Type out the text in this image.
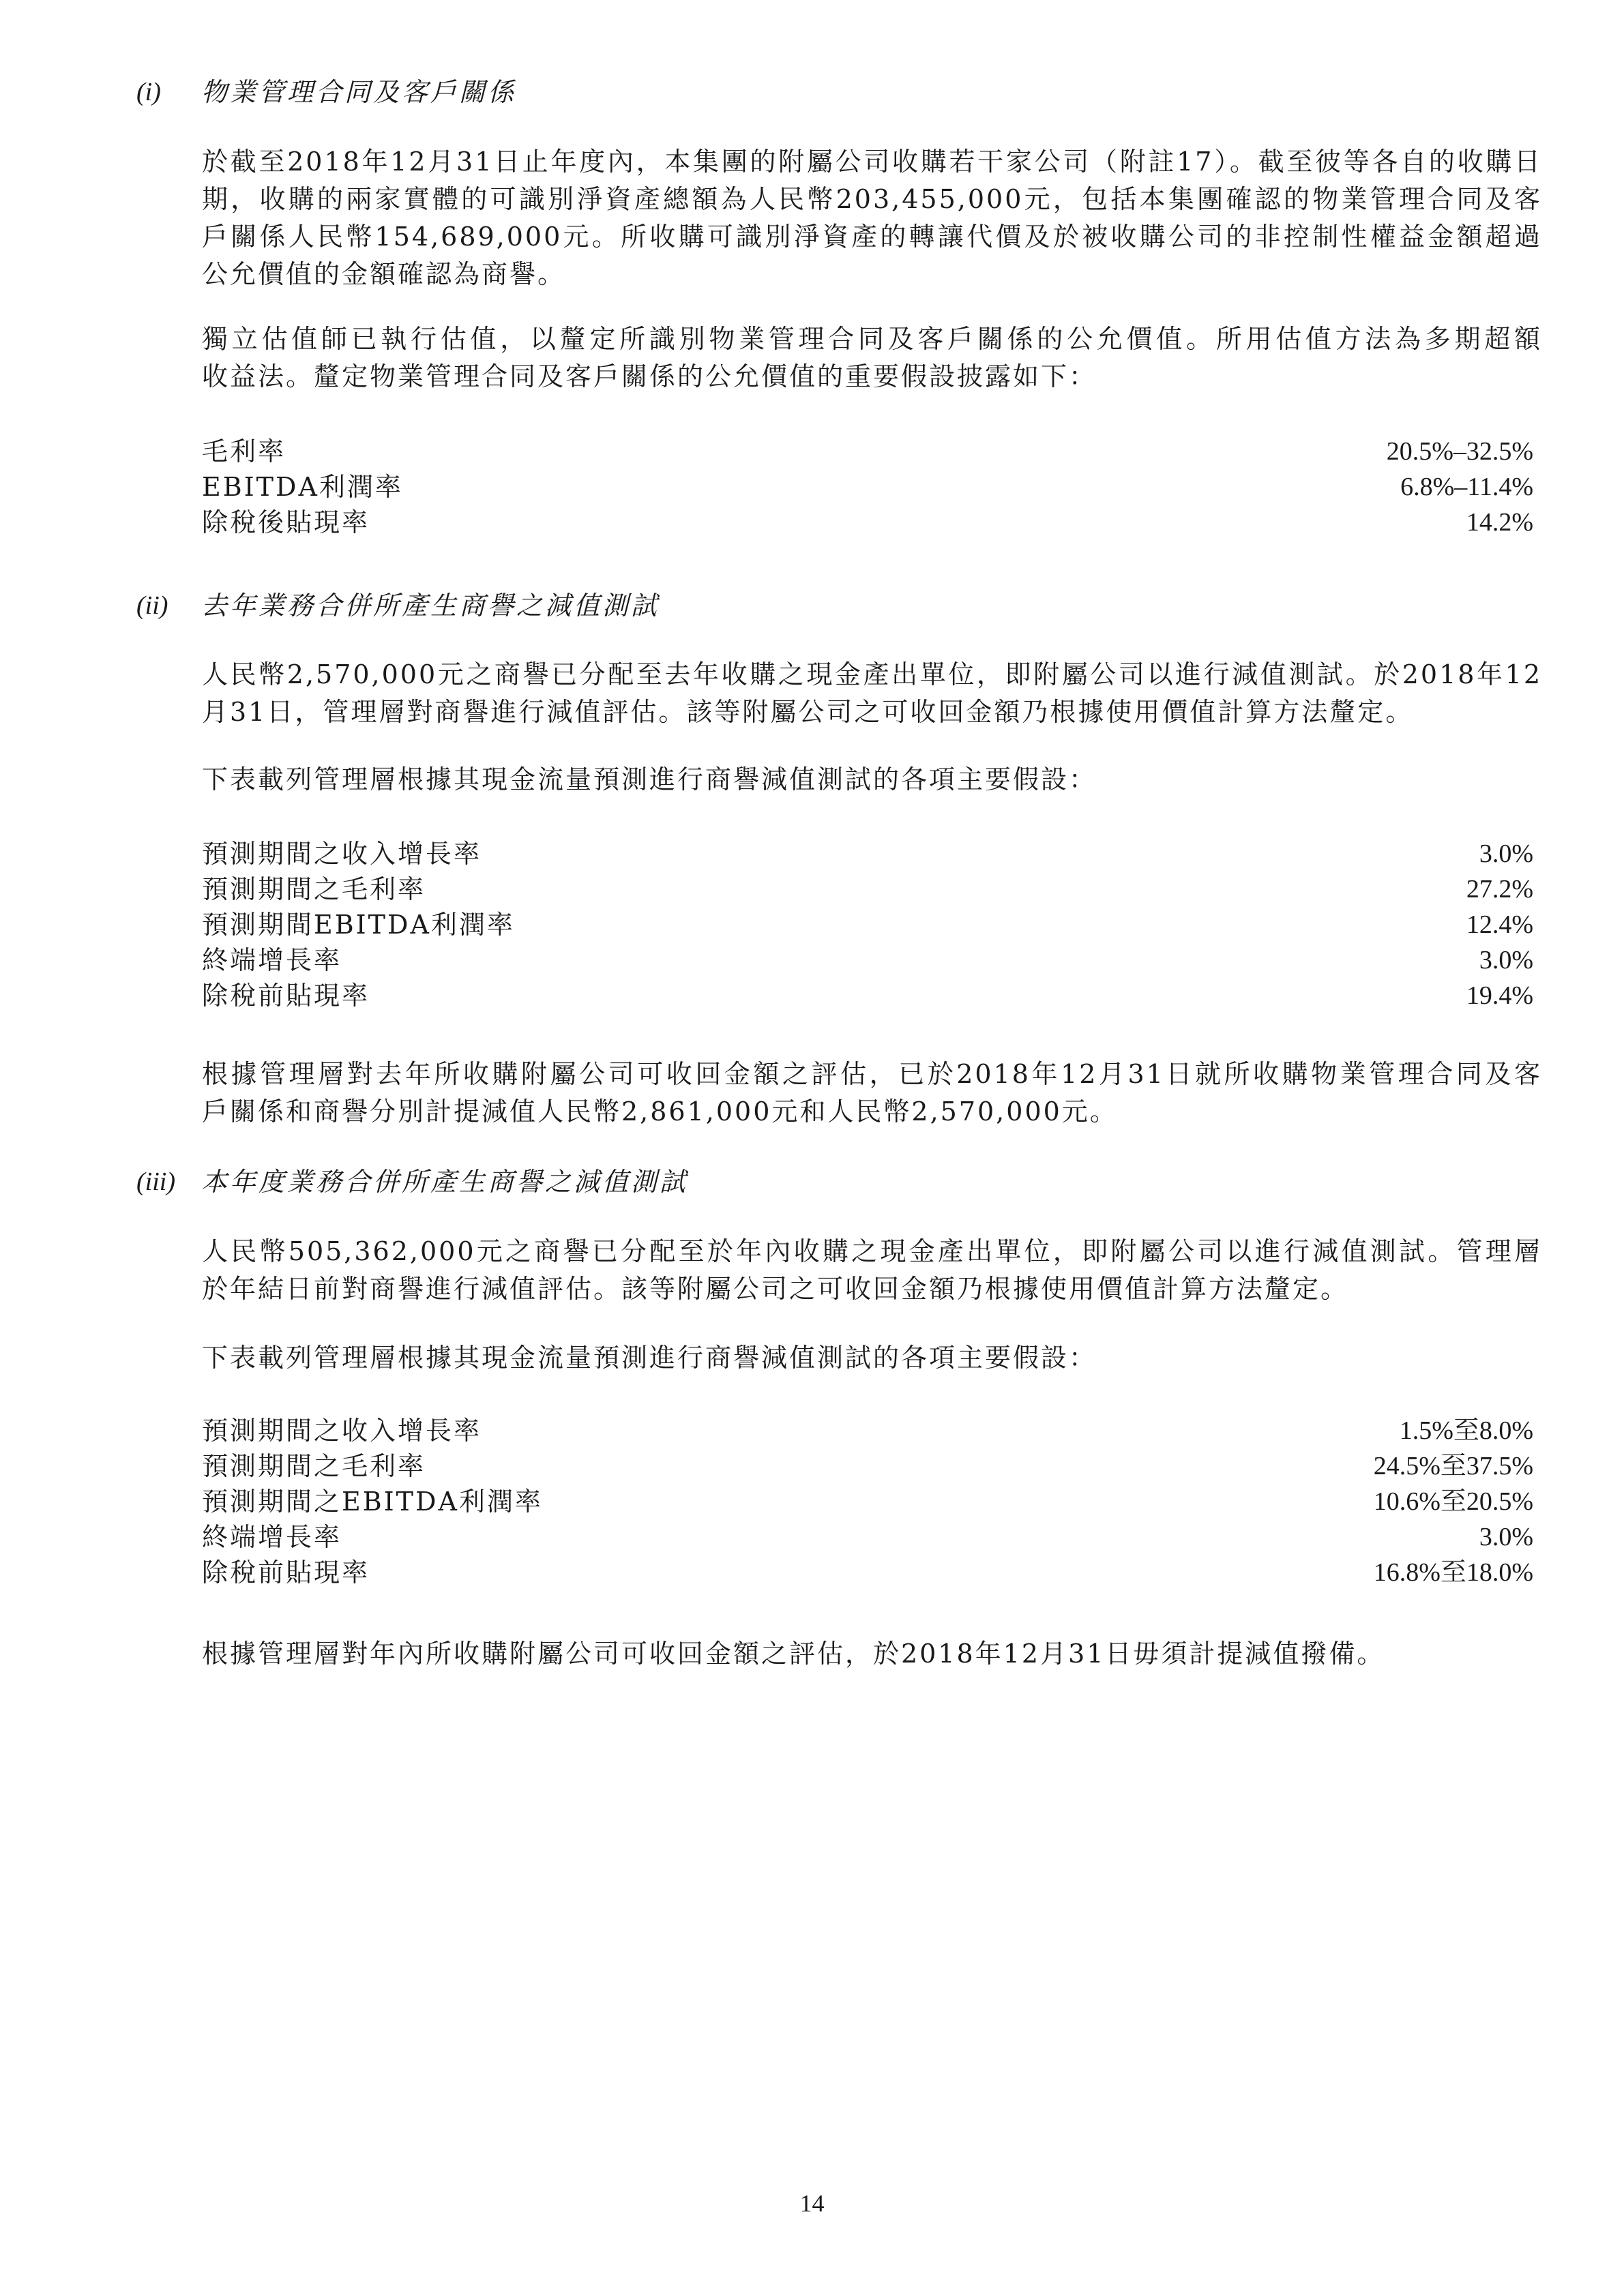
(i) 物業管理合同及客戶關係
於截至2018年12月31日止年度內，本集團的附屬公司收購若干家公司（附註17）。截至彼等各自的收購日
期，收購的兩家實體的可識別淨資產總額為人民幣203,455,000元，包括本集團確認的物業管理合同及客
戶關係人民幣154,689,000元。所收購可識別淨資產的轉讓代價及於被收購公司的非控制性權益金額超過
公允價值的金額確認為商譽。
獨立估值師已執行估值，以釐定所識別物業管理合同及客戶關係的公允價值。所用估值方法為多期超額
收益法。釐定物業管理合同及客戶關係的公允價值的重要假設披露如下：
毛利率	20.5%–32.5%
EBITDA利潤率	6.8%–11.4%
除稅後貼現率	14.2%
(ii) 去年業務合併所產生商譽之減值測試
人民幣2,570,000元之商譽已分配至去年收購之現金產出單位，即附屬公司以進行減值測試。於2018年12
月31日，管理層對商譽進行減值評估。該等附屬公司之可收回金額乃根據使用價值計算方法釐定。
下表載列管理層根據其現金流量預測進行商譽減值測試的各項主要假設：
預測期間之收入增長率	3.0%
預測期間之毛利率	27.2%
預測期間EBITDA利潤率	12.4%
終端增長率	3.0%
除稅前貼現率	19.4%
根據管理層對去年所收購附屬公司可收回金額之評估，已於2018年12月31日就所收購物業管理合同及客
戶關係和商譽分別計提減值人民幣2,861,000元和人民幣2,570,000元。
(iii) 本年度業務合併所產生商譽之減值測試
人民幣505,362,000元之商譽已分配至於年內收購之現金產出單位，即附屬公司以進行減值測試。管理層
於年結日前對商譽進行減值評估。該等附屬公司之可收回金額乃根據使用價值計算方法釐定。
下表載列管理層根據其現金流量預測進行商譽減值測試的各項主要假設：
預測期間之收入增長率	1.5%至8.0%
預測期間之毛利率	24.5%至37.5%
預測期間之EBITDA利潤率	10.6%至20.5%
終端增長率	3.0%
除稅前貼現率	16.8%至18.0%
根據管理層對年內所收購附屬公司可收回金額之評估，於2018年12月31日毋須計提減值撥備。
14
